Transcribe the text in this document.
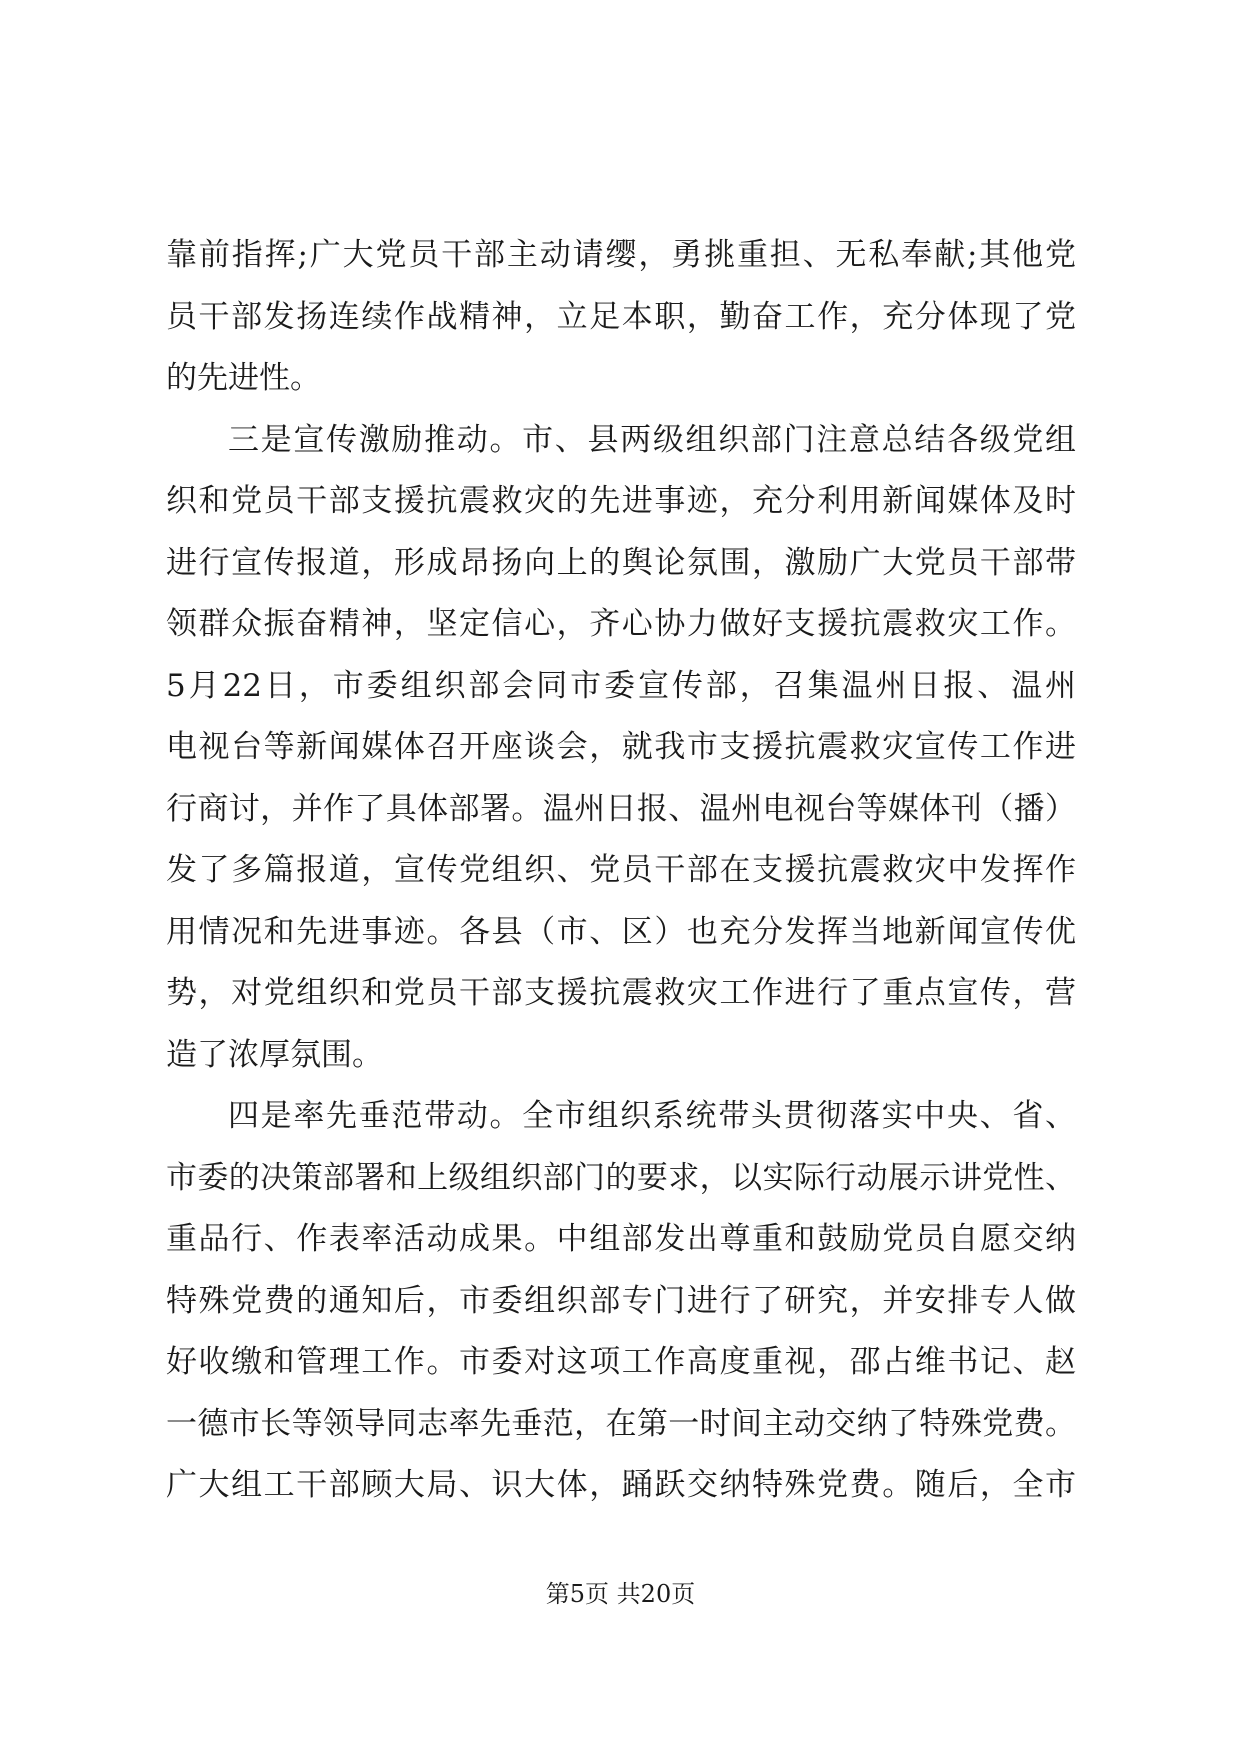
靠前指挥;广大党员干部主动请缨，勇挑重担、无私奉献;其他党
员干部发扬连续作战精神，立足本职，勤奋工作，充分体现了党
的先进性。
三是宣传激励推动。市、县两级组织部门注意总结各级党组
织和党员干部支援抗震救灾的先进事迹，充分利用新闻媒体及时
进行宣传报道，形成昂扬向上的舆论氛围，激励广大党员干部带
领群众振奋精神，坚定信心，齐心协力做好支援抗震救灾工作。
5月22日，市委组织部会同市委宣传部，召集温州日报、温州
电视台等新闻媒体召开座谈会，就我市支援抗震救灾宣传工作进
行商讨，并作了具体部署。温州日报、温州电视台等媒体刊（播）
发了多篇报道，宣传党组织、党员干部在支援抗震救灾中发挥作
用情况和先进事迹。各县（市、区）也充分发挥当地新闻宣传优
势，对党组织和党员干部支援抗震救灾工作进行了重点宣传，营
造了浓厚氛围。
四是率先垂范带动。全市组织系统带头贯彻落实中央、省、
市委的决策部署和上级组织部门的要求，以实际行动展示讲党性、
重品行、作表率活动成果。中组部发出尊重和鼓励党员自愿交纳
特殊党费的通知后，市委组织部专门进行了研究，并安排专人做
好收缴和管理工作。市委对这项工作高度重视，邵占维书记、赵
一德市长等领导同志率先垂范，在第一时间主动交纳了特殊党费。
广大组工干部顾大局、识大体，踊跃交纳特殊党费。随后，全市
第5页 共20页
